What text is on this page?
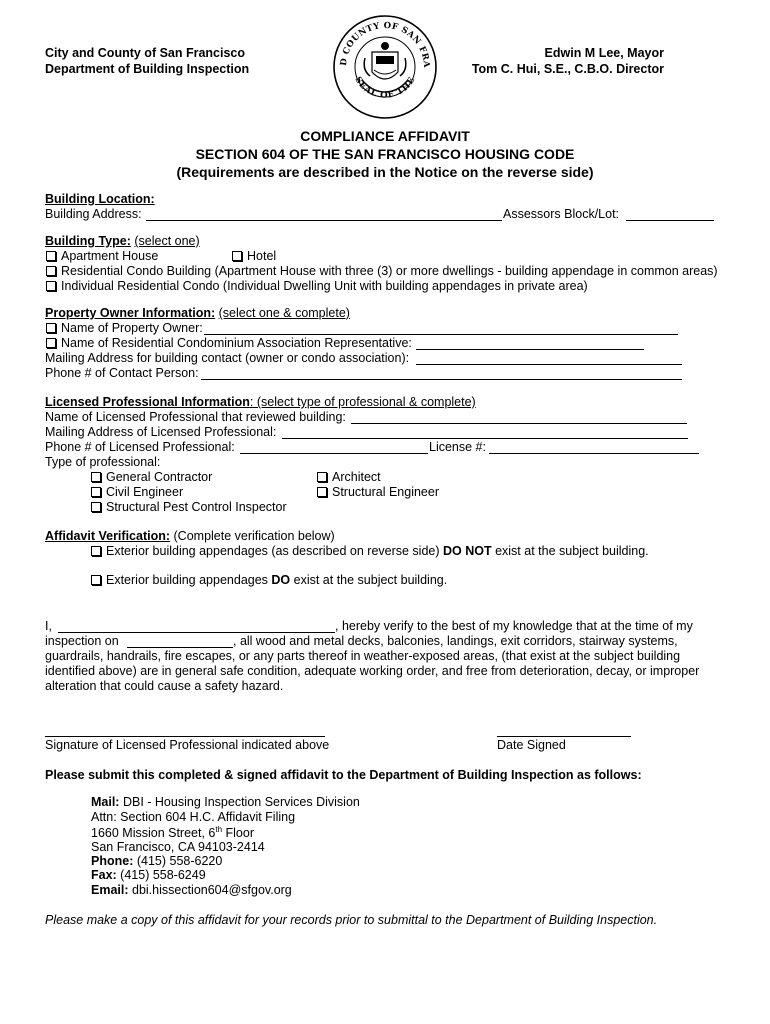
City and County of San Francisco
Department of Building Inspection
Edwin M Lee, Mayor
Tom C. Hui, S.E., C.B.O. Director
D COUNTY OF SAN FRA
SEAL OF THE
COMPLIANCE AFFIDAVIT
SECTION 604 OF THE SAN FRANCISCO HOUSING CODE
(Requirements are described in the Notice on the reverse side)
Building Location:
Building Address:	Assessors Block/Lot:
Building Type: (select one)
Apartment House	Hotel
Residential Condo Building (Apartment House with three (3) or more dwellings - building appendage in common areas)
Individual Residential Condo (Individual Dwelling Unit with building appendages in private area)
Property Owner Information: (select one & complete)
Name of Property Owner:
Name of Residential Condominium Association Representative:
Mailing Address for building contact (owner or condo association):
Phone # of Contact Person:
Licensed Professional Information: (select type of professional & complete)
Name of Licensed Professional that reviewed building:
Mailing Address of Licensed Professional:
Phone # of Licensed Professional:	License #:
Type of professional:
General Contractor	Architect
Civil Engineer	Structural Engineer
Structural Pest Control Inspector
Affidavit Verification: (Complete verification below)
Exterior building appendages (as described on reverse side) DO NOT exist at the subject building.
Exterior building appendages DO exist at the subject building.
I,	, hereby verify to the best of my knowledge that at the time of my
inspection on	, all wood and metal decks, balconies, landings, exit corridors, stairway systems,
guardrails, handrails, fire escapes, or any parts thereof in weather-exposed areas, (that exist at the subject building
identified above) are in general safe condition, adequate working order, and free from deterioration, decay, or improper
alteration that could cause a safety hazard.
Signature of Licensed Professional indicated above	Date Signed
Please submit this completed & signed affidavit to the Department of Building Inspection as follows:
Mail: DBI - Housing Inspection Services Division
Attn: Section 604 H.C. Affidavit Filing
1660 Mission Street, 6th Floor
San Francisco, CA 94103-2414
Phone: (415) 558-6220
Fax: (415) 558-6249
Email: dbi.hissection604@sfgov.org
Please make a copy of this affidavit for your records prior to submittal to the Department of Building Inspection.
